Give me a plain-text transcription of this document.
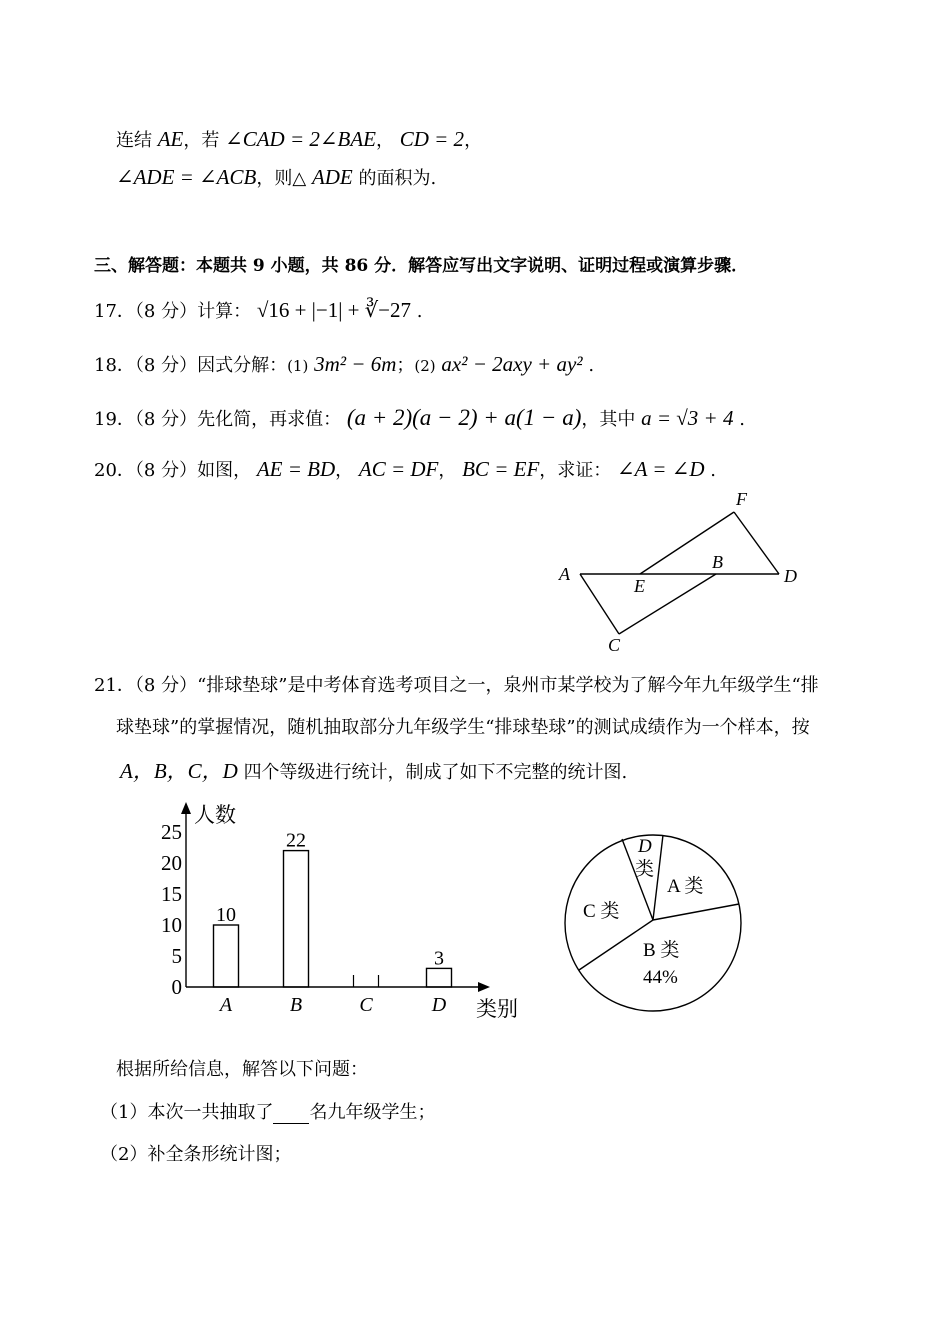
连结 AE，若 ∠CAD = 2∠BAE， CD = 2，
∠ADE = ∠ACB，则△ ADE 的面积为.
三、解答题：本题共 9 小题，共 86 分．解答应写出文字说明、证明过程或演算步骤．
17．（8 分）计算： √16 + |−1| + ∛−27 .
18．（8 分）因式分解：(1) 3m² − 6m；(2) ax² − 2axy + ay² .
19．（8 分）先化简，再求值： (a + 2)(a − 2) + a(1 − a)，其中 a = √3 + 4 .
20．（8 分）如图， AE = BD， AC = DF， BC = EF，求证： ∠A = ∠D .
A
B
C
D
E
F
21．（8 分）“排球垫球”是中考体育选考项目之一，泉州市某学校为了解今年九年级学生“排
球垫球”的掌握情况，随机抽取部分九年级学生“排球垫球”的测试成绩作为一个样本，按
A，B，C，D 四个等级进行统计，制成了如下不完整的统计图.
人数
类别
0
5
10
15
20
25
10
A
22
B	C
3
D
D
类
A 类
C 类
B 类
44%
根据所给信息，解答以下问题：
（1）本次一共抽取了 名九年级学生；
（2）补全条形统计图；
